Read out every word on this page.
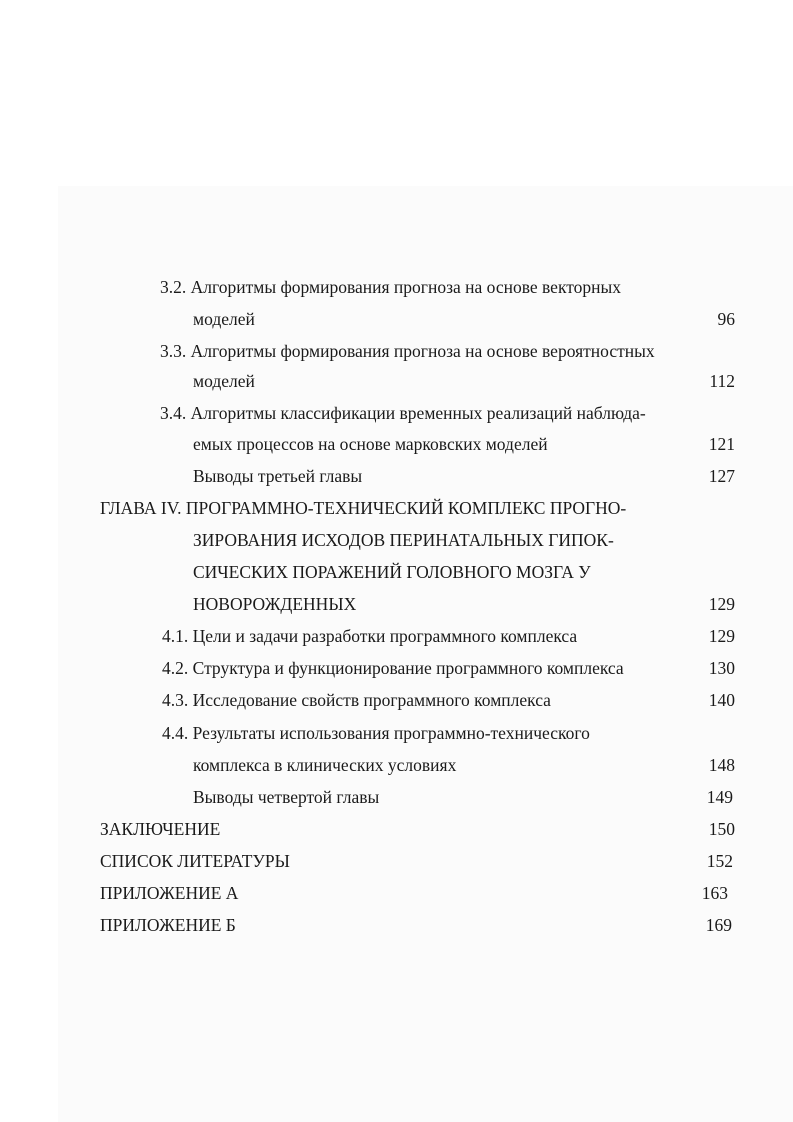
3.2. Алгоритмы формирования прогноза на основе векторных
моделей	96
3.3. Алгоритмы формирования прогноза на основе вероятностных
моделей	112
3.4. Алгоритмы классификации временных реализаций наблюда-
емых процессов на основе марковских моделей	121
Выводы третьей главы	127
ГЛАВА IV. ПРОГРАММНО-ТЕХНИЧЕСКИЙ КОМПЛЕКС ПРОГНО-
ЗИРОВАНИЯ ИСХОДОВ ПЕРИНАТАЛЬНЫХ ГИПОК-
СИЧЕСКИХ ПОРАЖЕНИЙ ГОЛОВНОГО МОЗГА У
НОВОРОЖДЕННЫХ	129
4.1. Цели и задачи разработки программного комплекса	129
4.2. Структура и функционирование программного комплекса	130
4.3. Исследование свойств программного комплекса	140
4.4. Результаты использования программно-технического
комплекса в клинических условиях	148
Выводы четвертой главы	149
ЗАКЛЮЧЕНИЕ	150
СПИСОК ЛИТЕРАТУРЫ	152
ПРИЛОЖЕНИЕ А	163
ПРИЛОЖЕНИЕ Б	169
